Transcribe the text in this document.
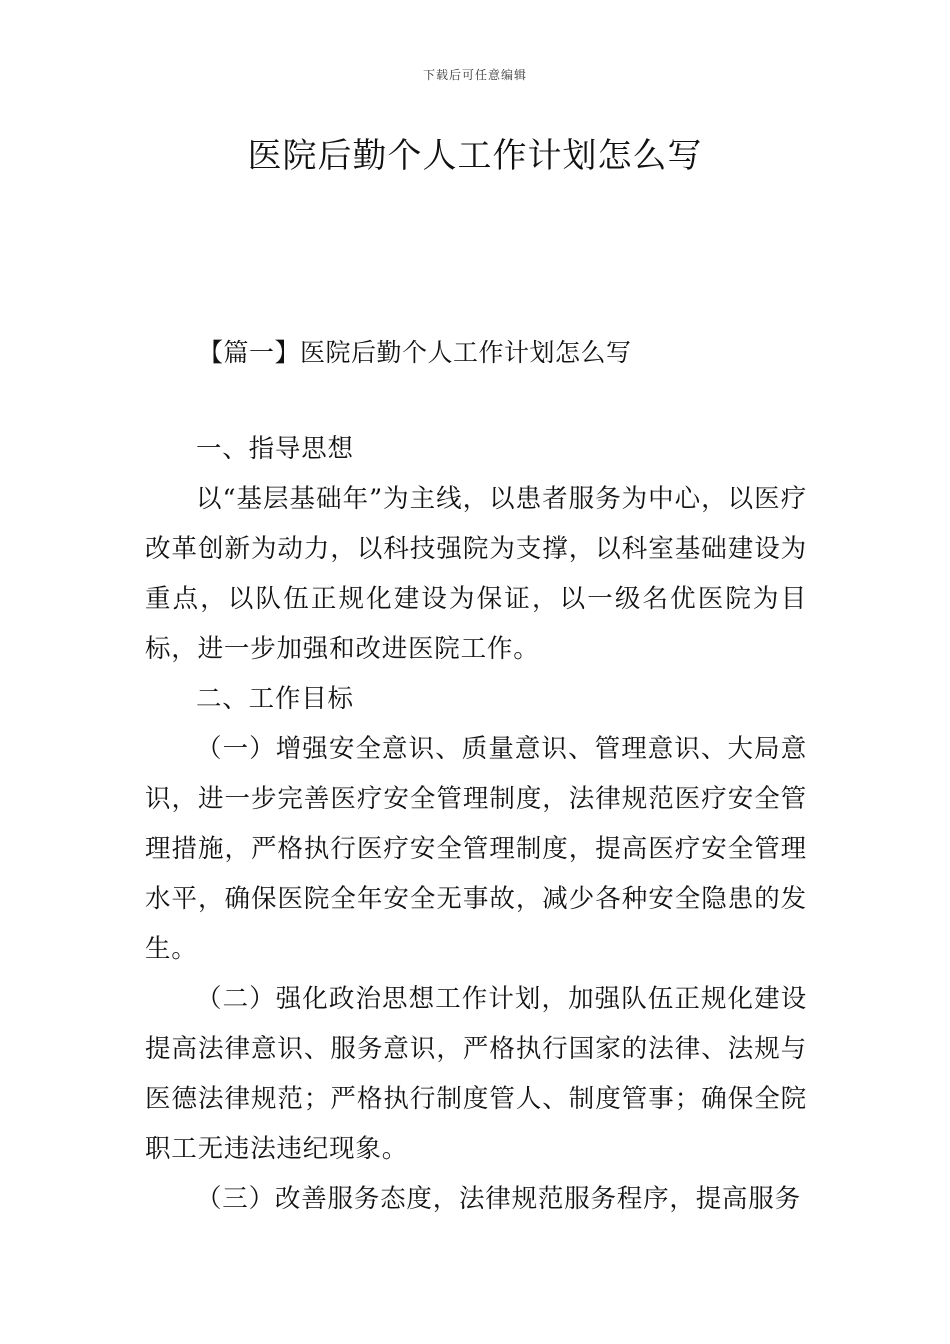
下载后可任意编辑
医院后勤个人工作计划怎么写
【篇一】医院后勤个人工作计划怎么写

一、指导思想

以“基层基础年”为主线，以患者服务为中心，以医疗改革创新为动力，以科技强院为支撑，以科室基础建设为重点，以队伍正规化建设为保证，以一级名优医院为目标，进一步加强和改进医院工作。

二、工作目标

（一）增强安全意识、质量意识、管理意识、大局意识，进一步完善医疗安全管理制度，法律规范医疗安全管理措施，严格执行医疗安全管理制度，提高医疗安全管理水平，确保医院全年安全无事故，减少各种安全隐患的发生。

（二）强化政治思想工作计划，加强队伍正规化建设提高法律意识、服务意识，严格执行国家的法律、法规与医德法律规范；严格执行制度管人、制度管事；确保全院职工无违法违纪现象。

（三）改善服务态度，法律规范服务程序，提高服务
